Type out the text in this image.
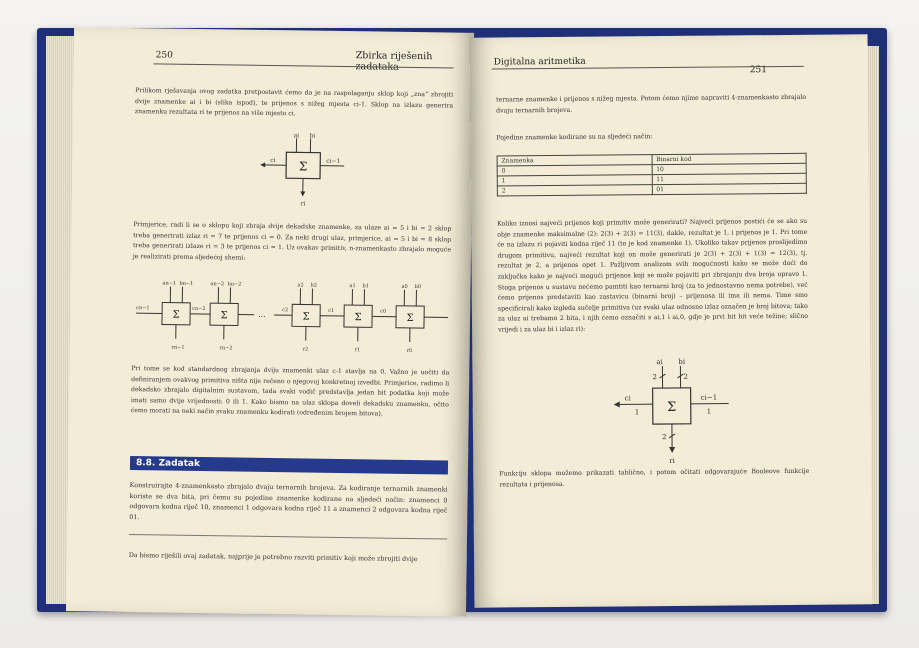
250	Zbirka riješenih
Prilikom rješavanja ovog zadatka pretpostavit ćemo da je na raspolaganju sklop koji „zna“ zbrojiti dvije znamenke ai i bi (slika ispod), te prijenos s nižeg mjesta ci-1. Sklop na izlazu generira znamenku rezultata ri te prijenos na više mjesto ci.
Σ
ai bi
ci−1
ci
ri
Primjerice, radi li se o sklopu koji zbraja dvije dekadske znamenke, za ulaze ai = 5 i bi = 2 sklop treba generirati izlaz ri = 7 te prijenos ci = 0. Za neki drugi ulaz, primjerice, ai = 5 i bi = 8 sklop treba generirati izlaze ri = 3 te prijenos ci = 1. Uz ovakav primitiv, n-znamenkasto zbrajalo moguće je realizirati prema sljedećoj shemi:
Σ
an−1 bn−1
rn−1
cn−1
Σ
an−2 bn−2
rn−2
cn−2
...	Σ
a2 b2
r2
c2
Σ
a1 b1
r1
c1
Σ
a0 b0
r0
c0
Pri tome se kod standardnog zbrajanja dviju znamenki ulaz c-1 stavlja na 0. Važno je uočiti da definiranjem ovakvog primitiva ništa nije rečeno o njegovoj konkretnoj izvedbi. Primjerice, radimo li dekadsko zbrajalo digitalnim sustavom, tada svaki vodič predstavlja jedan bit podatka koji može imati samo dvije vrijednosti: 0 ili 1. Kako bismo na ulaz sklopa doveli dekadsku znamenku, očito ćemo morati na neki način svaku znamenku kodirati (određenim brojem bitova).
8.8. Zadatak
Konstruirajte 4-znamenkasto zbrajalo dvaju ternarnih brojeva. Za kodiranje ternarnih znamenki koriste se dva bita, pri čemu su pojedine znamenke kodirane na sljedeći način: znamenci 0 odgovara kodna riječ 10, znamenci 1 odgovara kodna riječ 11 a znamenci 2 odgovara kodna riječ 01.
Da bismo riješili ovaj zadatak, najprije je potrebno razviti primitiv koji može zbrojiti dvije
Digitalna aritmetika
251
ternarne znamenke i prijenos s nižeg mjesta. Potom ćemo njime napraviti 4-znamenkasto zbrajalo dvaju ternarnih brojeva.
Pojedine znamenke kodirane su na sljedeći način:
Znamenka	Binarni kod
0	10
1	11
2	01
Koliko iznosi najveći prijenos koji primitiv može generirati? Najveći prijenos postići će se ako su obje znamenke maksimalne (2): 2(3) + 2(3) = 11(3), dakle, rezultat je 1, i prijenos je 1. Pri tome će na izlazu ri pojaviti kodna riječ 11 (to je kod znamenke 1). Ukoliko takav prijenos proslijedimo drugom primitivu, najveći rezultat koji on može generirati je 2(3) + 2(3) + 1(3) = 12(3), tj. rezultat je 2, a prijenos opet 1. Pažljivom analizom svih mogućnosti kako se može doći do zaključka kako je najveći mogući prijenos koji se može pojaviti pri zbrajanju dva broja upravo 1. Stoga prijenos u sustavu nećemo pamtiti kao ternarni broj (za to jednostavno nema potrebe), već ćemo prijenos predstaviti kao zastavicu (binarni broj) – prijenosa ili ima ili nema. Time smo specificirali kako izgleda sučelje primitiva (uz svaki ulaz odnosno izlaz označen je broj bitova; tako za ulaz ai trebamo 2 bita, i njih ćemo označiti s ai,1 i ai,0, gdje je prvi bit bit veće težine; slično vrijedi i za ulaz bi i izlaz ri):
Σ
ai bi
2	2
ci−1
1
ci
1
2
ri
Funkciju sklopa možemo prikazati tablično, i potom očitati odgovarajuće Booleove funkcije rezultata i prijenosa.
